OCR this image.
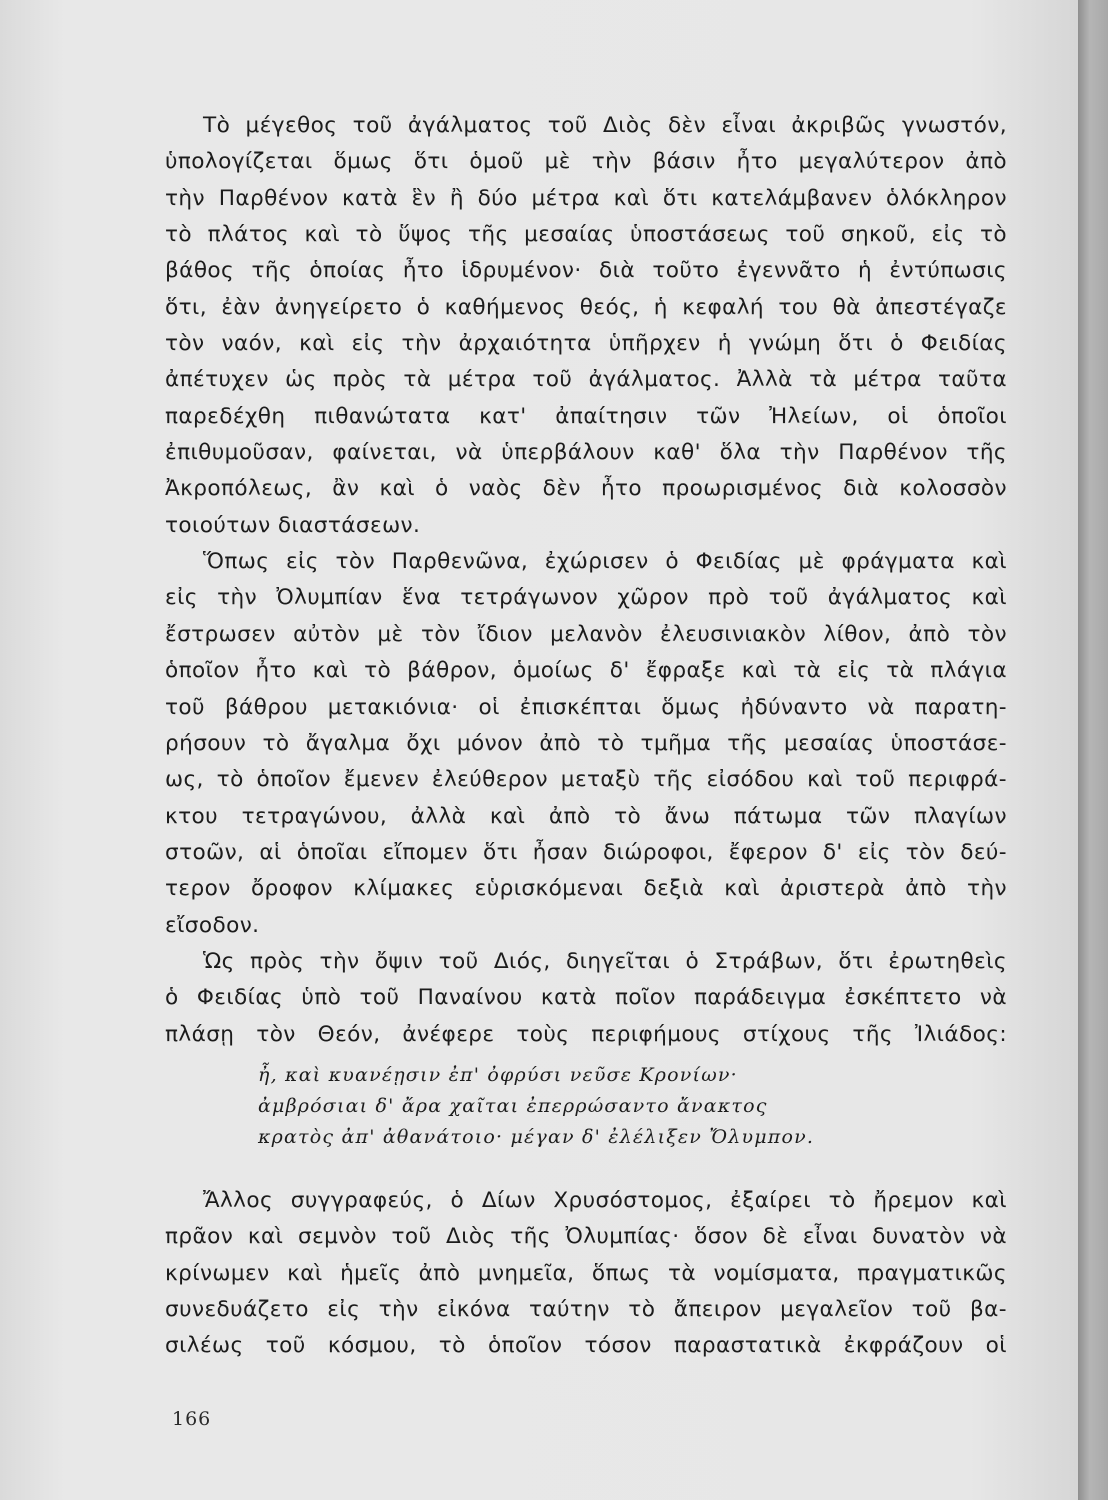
Τὸ μέγεθος τοῦ ἀγάλματος τοῦ Διὸς δὲν εἶναι ἀκριβῶς γνωστόν,
ὑπολογίζεται ὅμως ὅτι ὁμοῦ μὲ τὴν βάσιν ἦτο μεγαλύτερον ἀπὸ
τὴν Παρθένον κατὰ ἓν ἢ δύο μέτρα καὶ ὅτι κατελάμβανεν ὁλόκληρον
τὸ πλάτος καὶ τὸ ὕψος τῆς μεσαίας ὑποστάσεως τοῦ σηκοῦ, εἰς τὸ
βάθος τῆς ὁποίας ἦτο ἱδρυμένον· διὰ τοῦτο ἐγεννᾶτο ἡ ἐντύπωσις
ὅτι, ἐὰν ἀνηγείρετο ὁ καθήμενος θεός, ἡ κεφαλή του θὰ ἀπεστέγαζε
τὸν ναόν, καὶ εἰς τὴν ἀρχαιότητα ὑπῆρχεν ἡ γνώμη ὅτι ὁ Φειδίας
ἀπέτυχεν ὡς πρὸς τὰ μέτρα τοῦ ἀγάλματος. Ἀλλὰ τὰ μέτρα ταῦτα
παρεδέχθη πιθανώτατα κατ' ἀπαίτησιν τῶν Ἠλείων, οἱ ὁποῖοι
ἐπιθυμοῦσαν, φαίνεται, νὰ ὑπερβάλουν καθ' ὅλα τὴν Παρθένον τῆς
Ἀκροπόλεως, ἂν καὶ ὁ ναὸς δὲν ἦτο προωρισμένος διὰ κολοσσὸν
τοιούτων διαστάσεων.
Ὅπως εἰς τὸν Παρθενῶνα, ἐχώρισεν ὁ Φειδίας μὲ φράγματα καὶ
εἰς τὴν Ὀλυμπίαν ἕνα τετράγωνον χῶρον πρὸ τοῦ ἀγάλματος καὶ
ἔστρωσεν αὐτὸν μὲ τὸν ἴδιον μελανὸν ἐλευσινιακὸν λίθον, ἀπὸ τὸν
ὁποῖον ἦτο καὶ τὸ βάθρον, ὁμοίως δ' ἔφραξε καὶ τὰ εἰς τὰ πλάγια
τοῦ βάθρου μετακιόνια· οἱ ἐπισκέπται ὅμως ἠδύναντο νὰ παρατη-
ρήσουν τὸ ἄγαλμα ὄχι μόνον ἀπὸ τὸ τμῆμα τῆς μεσαίας ὑποστάσε-
ως, τὸ ὁποῖον ἔμενεν ἐλεύθερον μεταξὺ τῆς εἰσόδου καὶ τοῦ περιφρά-
κτου τετραγώνου, ἀλλὰ καὶ ἀπὸ τὸ ἄνω πάτωμα τῶν πλαγίων
στοῶν, αἱ ὁποῖαι εἴπομεν ὅτι ἦσαν διώροφοι, ἔφερον δ' εἰς τὸν δεύ-
τερον ὄροφον κλίμακες εὑρισκόμεναι δεξιὰ καὶ ἀριστερὰ ἀπὸ τὴν
εἴσοδον.
Ὡς πρὸς τὴν ὄψιν τοῦ Διός, διηγεῖται ὁ Στράβων, ὅτι ἐρωτηθεὶς
ὁ Φειδίας ὑπὸ τοῦ Παναίνου κατὰ ποῖον παράδειγμα ἐσκέπτετο νὰ
πλάσῃ τὸν Θεόν, ἀνέφερε τοὺς περιφήμους στίχους τῆς Ἰλιάδος:
ἦ, καὶ κυανέῃσιν ἐπ' ὀφρύσι νεῦσε Κρονίων·
ἀμβρόσιαι δ' ἄρα χαῖται ἐπερρώσαντο ἄνακτος
κρατὸς ἀπ' ἀθανάτοιο· μέγαν δ' ἐλέλιξεν Ὄλυμπον.
Ἄλλος συγγραφεύς, ὁ Δίων Χρυσόστομος, ἐξαίρει τὸ ἤρεμον καὶ
πρᾶον καὶ σεμνὸν τοῦ Διὸς τῆς Ὀλυμπίας· ὅσον δὲ εἶναι δυνατὸν νὰ
κρίνωμεν καὶ ἡμεῖς ἀπὸ μνημεῖα, ὅπως τὰ νομίσματα, πραγματικῶς
συνεδυάζετο εἰς τὴν εἰκόνα ταύτην τὸ ἄπειρον μεγαλεῖον τοῦ βα-
σιλέως τοῦ κόσμου, τὸ ὁποῖον τόσον παραστατικὰ ἐκφράζουν οἱ
166
